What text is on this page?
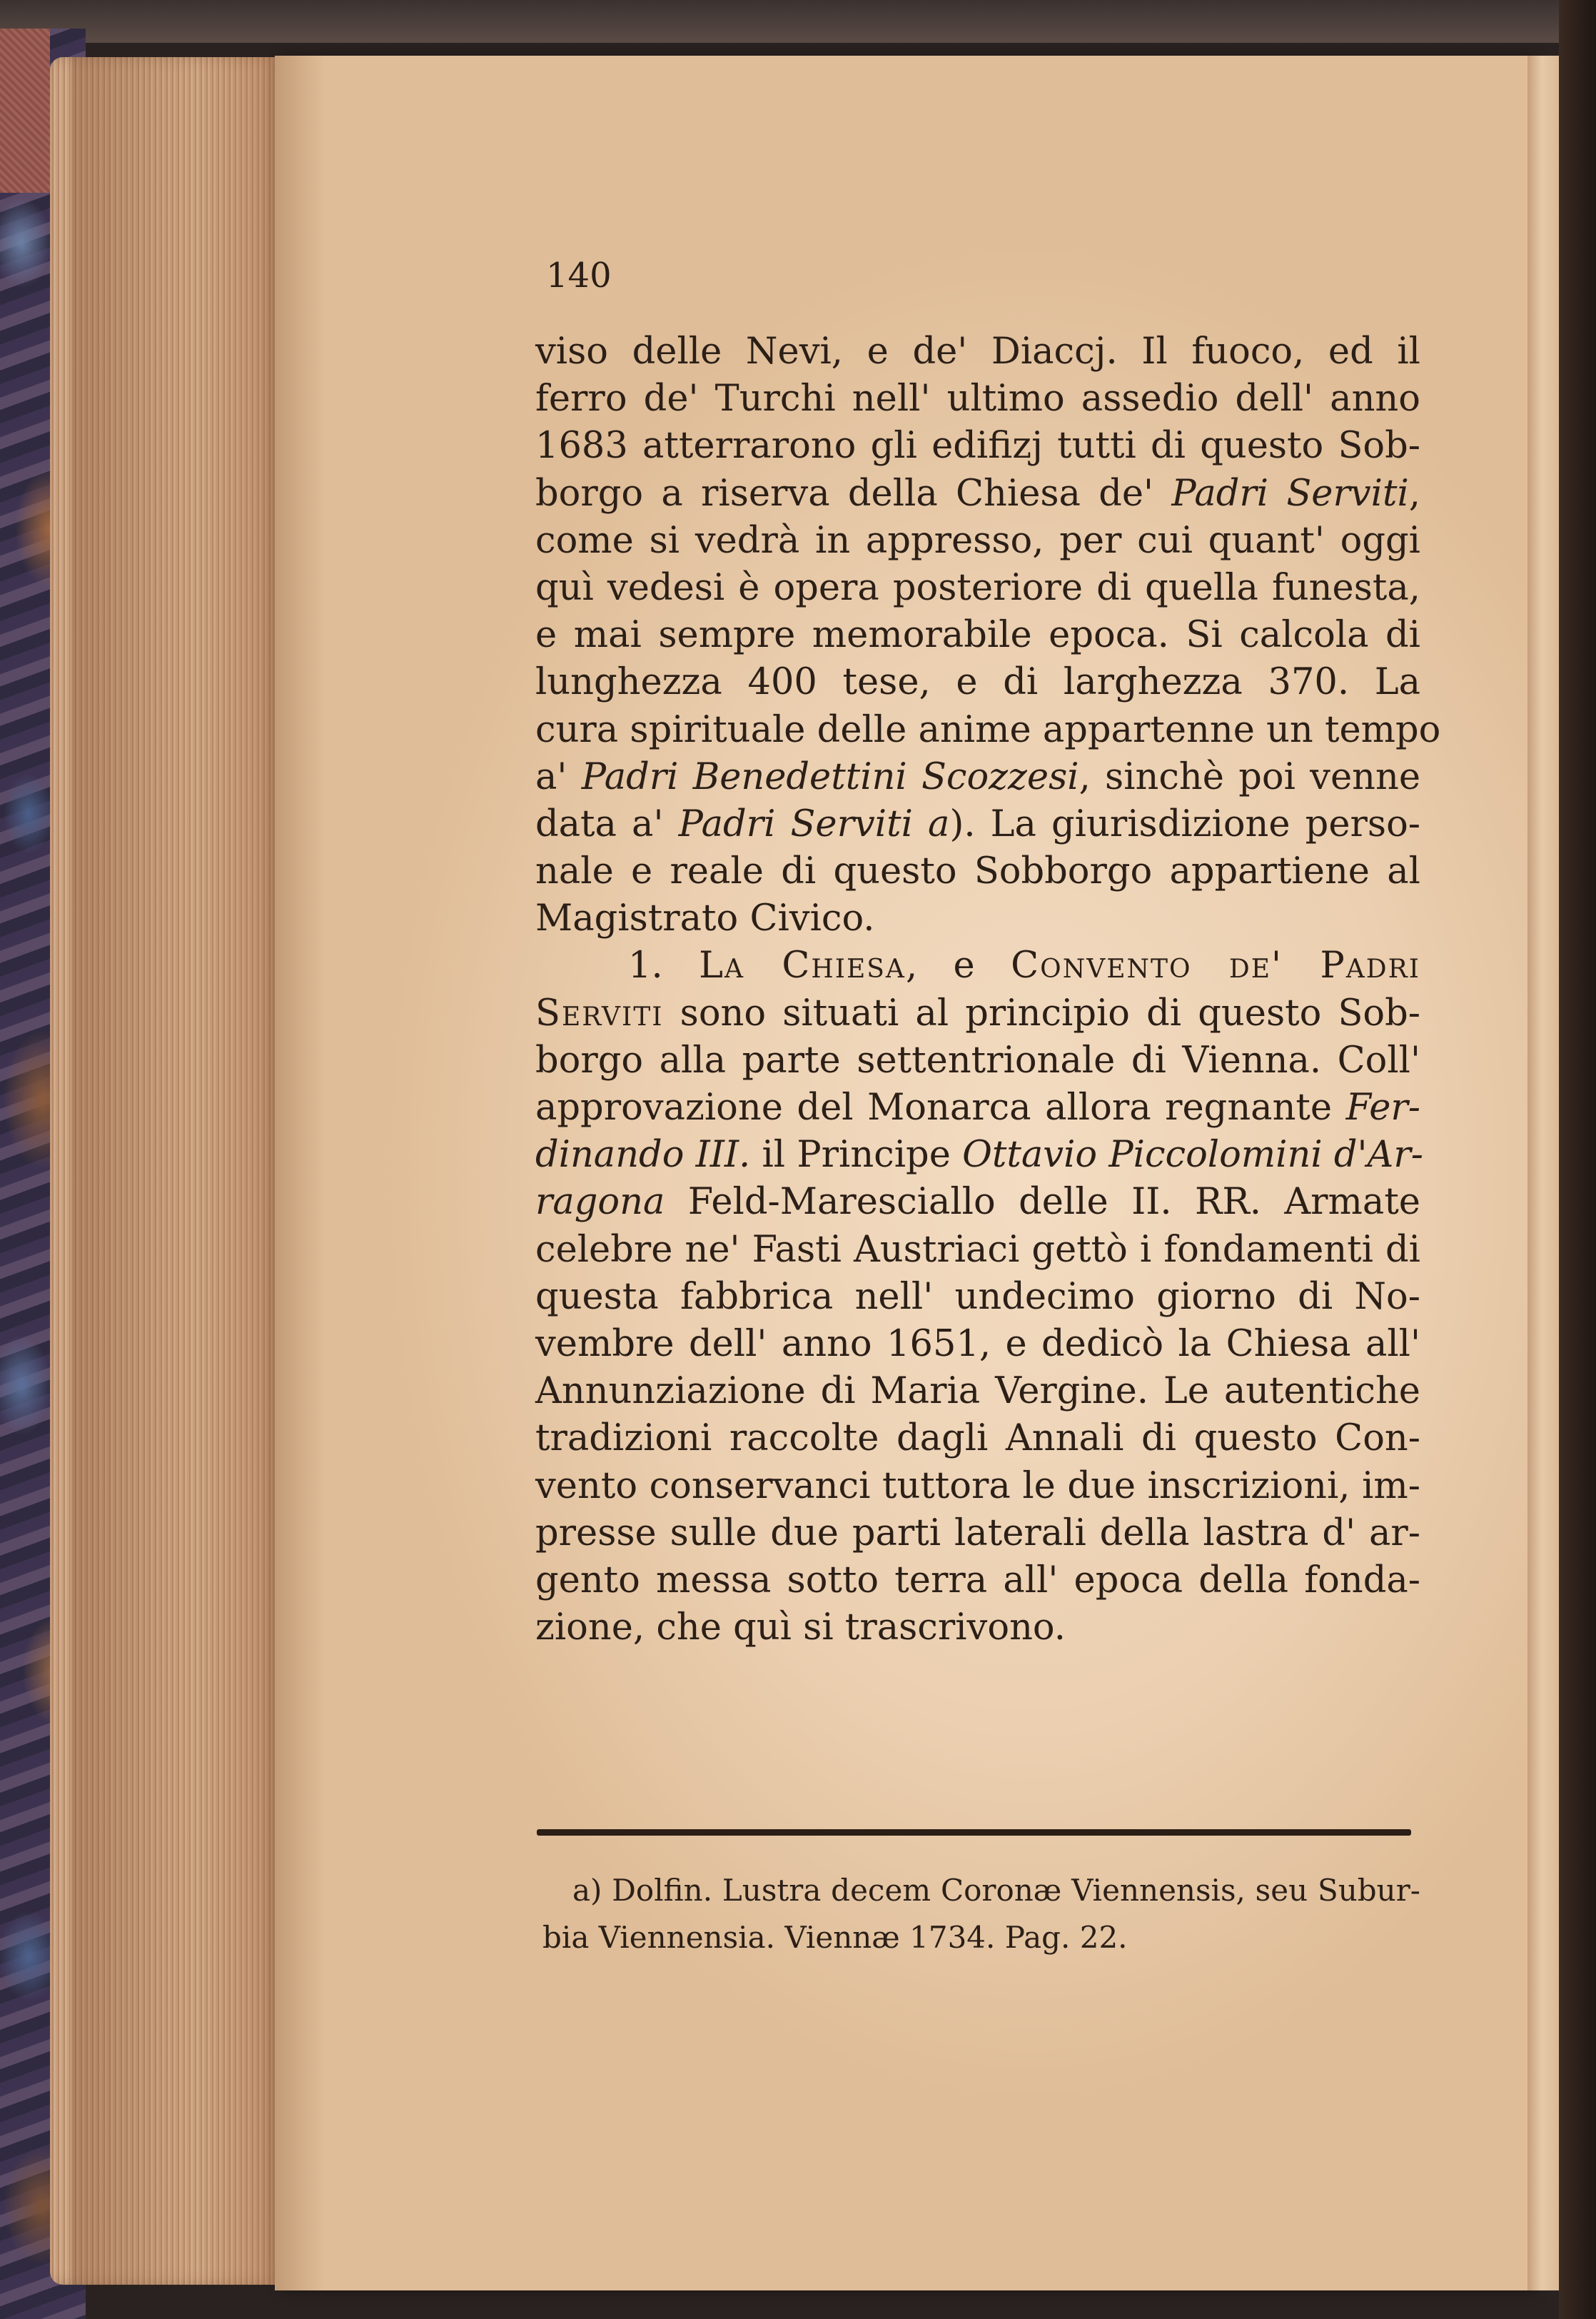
140
viso delle Nevi, e de' Diaccj. Il fuoco, ed il
ferro de' Turchi nell' ultimo assedio dell' anno
1683 atterrarono gli edifizj tutti di questo Sob-
borgo a riserva della Chiesa de' Padri Serviti,
come si vedrà in appresso, per cui quant' oggi
quì vedesi è opera posteriore di quella funesta,
e mai sempre memorabile epoca. Si calcola di
lunghezza 400 tese, e di larghezza 370. La
cura spirituale delle anime appartenne un tempo
a' Padri Benedettini Scozzesi, sinchè poi venne
data a' Padri Serviti a). La giurisdizione perso-
nale e reale di questo Sobborgo appartiene al
Magistrato Civico.
1. La Chiesa, e Convento de' Padri
Serviti sono situati al principio di questo Sob-
borgo alla parte settentrionale di Vienna. Coll'
approvazione del Monarca allora regnante Fer-
dinando III. il Principe Ottavio Piccolomini d'Ar-
ragona Feld-Maresciallo delle II. RR. Armate
celebre ne' Fasti Austriaci gettò i fondamenti di
questa fabbrica nell' undecimo giorno di No-
vembre dell' anno 1651, e dedicò la Chiesa all'
Annunziazione di Maria Vergine. Le autentiche
tradizioni raccolte dagli Annali di questo Con-
vento conservanci tuttora le due inscrizioni, im-
presse sulle due parti laterali della lastra d' ar-
gento messa sotto terra all' epoca della fonda-
zione, che quì si trascrivono.
a) Dolfin. Lustra decem Coronæ Viennensis, seu Subur-
bia Viennensia. Viennæ 1734. Pag. 22.
